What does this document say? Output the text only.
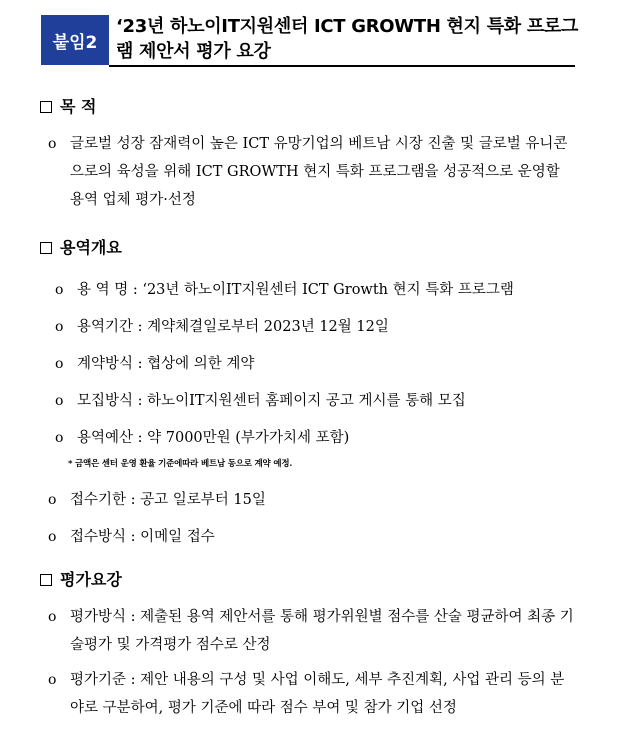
붙임2
‘23년 하노이IT지원센터 ICT GROWTH 현지 특화 프로그램 제안서 평가 요강
목 적
o 글로벌 성장 잠재력이 높은 ICT 유망기업의 베트남 시장 진출 및 글로벌 유니콘으로의 육성을 위해 ICT GROWTH 현지 특화 프로그램을 성공적으로 운영할 용역 업체 평가·선정
용역개요
o 용 역 명 : ‘23년 하노이IT지원센터 ICT Growth 현지 특화 프로그램
o 용역기간 : 계약체결일로부터 2023년 12월 12일
o 계약방식 : 협상에 의한 계약
o 모집방식 : 하노이IT지원센터 홈페이지 공고 게시를 통해 모집
o 용역예산 : 약 7000만원 (부가가치세 포함)
* 금액은 센터 운영 환율 기준에따라 베트남 동으로 계약 예정.
o 접수기한 : 공고 일로부터 15일
o 접수방식 : 이메일 접수
평가요강
o 평가방식 : 제출된 용역 제안서를 통해 평가위원별 점수를 산술 평균하여 최종 기술평가 및 가격평가 점수로 산정
o 평가기준 : 제안 내용의 구성 및 사업 이해도, 세부 추진계획, 사업 관리 등의 분야로 구분하여, 평가 기준에 따라 점수 부여 및 참가 기업 선정
